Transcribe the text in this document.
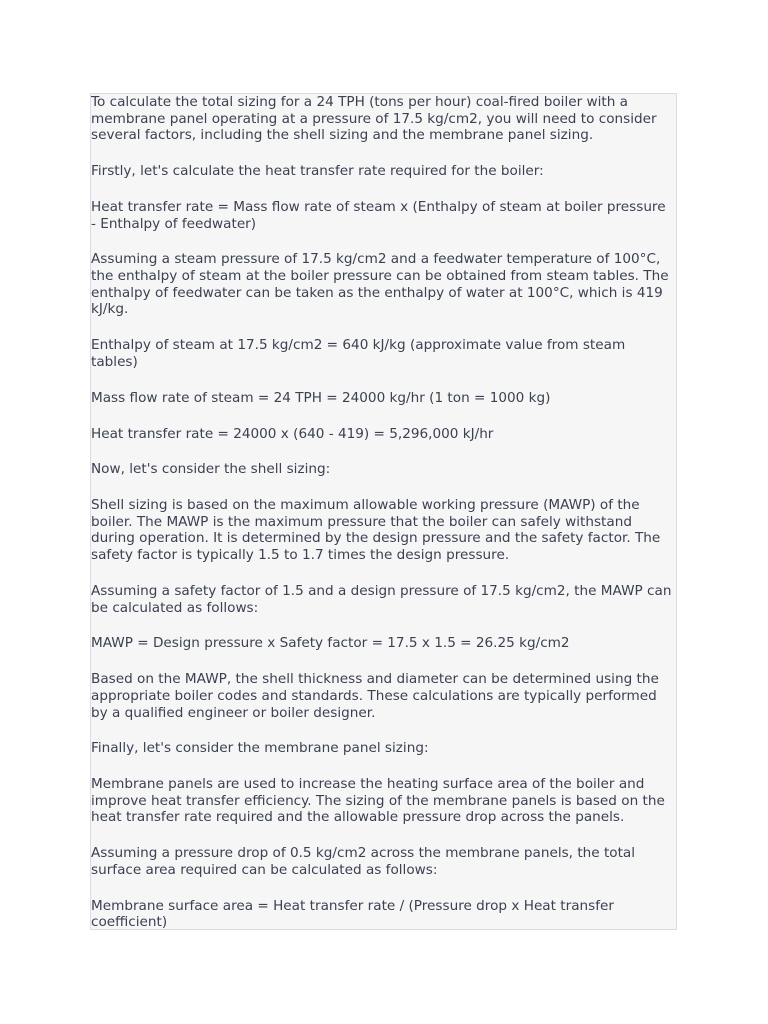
To calculate the total sizing for a 24 TPH (tons per hour) coal-fired boiler with a membrane panel operating at a pressure of 17.5 kg/cm2, you will need to consider several factors, including the shell sizing and the membrane panel sizing.

Firstly, let's calculate the heat transfer rate required for the boiler:

Heat transfer rate = Mass flow rate of steam x (Enthalpy of steam at boiler pressure - Enthalpy of feedwater)

Assuming a steam pressure of 17.5 kg/cm2 and a feedwater temperature of 100°C, the enthalpy of steam at the boiler pressure can be obtained from steam tables. The enthalpy of feedwater can be taken as the enthalpy of water at 100°C, which is 419 kJ/kg.

Enthalpy of steam at 17.5 kg/cm2 = 640 kJ/kg (approximate value from steam tables)

Mass flow rate of steam = 24 TPH = 24000 kg/hr (1 ton = 1000 kg)

Heat transfer rate = 24000 x (640 - 419) = 5,296,000 kJ/hr

Now, let's consider the shell sizing:

Shell sizing is based on the maximum allowable working pressure (MAWP) of the boiler. The MAWP is the maximum pressure that the boiler can safely withstand during operation. It is determined by the design pressure and the safety factor. The safety factor is typically 1.5 to 1.7 times the design pressure.

Assuming a safety factor of 1.5 and a design pressure of 17.5 kg/cm2, the MAWP can be calculated as follows:

MAWP = Design pressure x Safety factor = 17.5 x 1.5 = 26.25 kg/cm2

Based on the MAWP, the shell thickness and diameter can be determined using the appropriate boiler codes and standards. These calculations are typically performed by a qualified engineer or boiler designer.

Finally, let's consider the membrane panel sizing:

Membrane panels are used to increase the heating surface area of the boiler and improve heat transfer efficiency. The sizing of the membrane panels is based on the heat transfer rate required and the allowable pressure drop across the panels.

Assuming a pressure drop of 0.5 kg/cm2 across the membrane panels, the total surface area required can be calculated as follows:

Membrane surface area = Heat transfer rate / (Pressure drop x Heat transfer coefficient)
